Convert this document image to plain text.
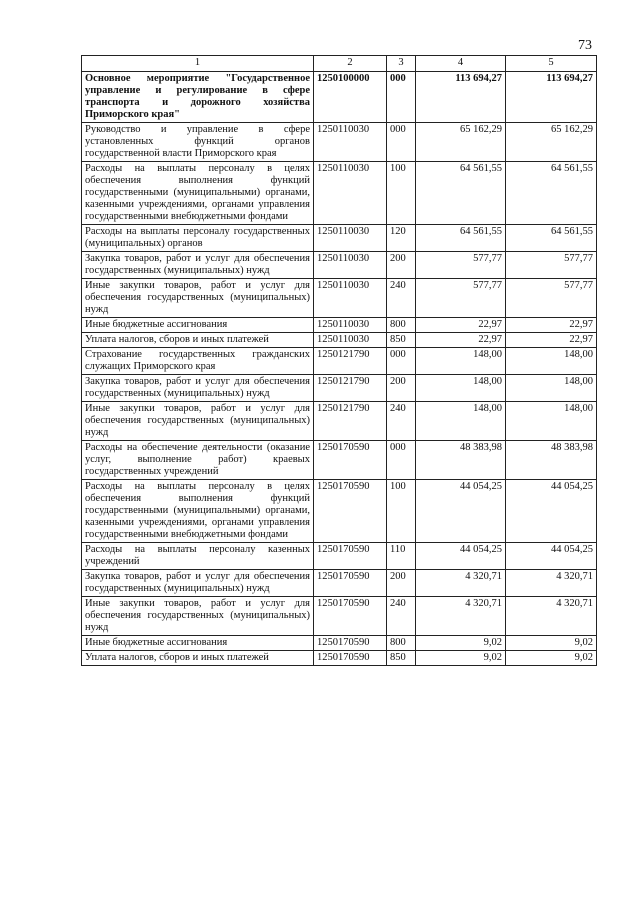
73
1	2	3	4	5
Основное мероприятие "Государственное управление и регулирование в сфере транспорта и дорожного хозяйства Приморского края"	1250100000	000	113 694,27	113 694,27
Руководство и управление в сфере установленных функций органов государственной власти Приморского края	1250110030	000	65 162,29	65 162,29
Расходы на выплаты персоналу в целях обеспечения выполнения функций государственными (муниципальными) органами, казенными учреждениями, органами управления государственными внебюджетными фондами	1250110030	100	64 561,55	64 561,55
Расходы на выплаты персоналу государственных (муниципальных) органов	1250110030	120	64 561,55	64 561,55
Закупка товаров, работ и услуг для обеспечения государственных (муниципальных) нужд	1250110030	200	577,77	577,77
Иные закупки товаров, работ и услуг для обеспечения государственных (муниципальных) нужд	1250110030	240	577,77	577,77
Иные бюджетные ассигнования	1250110030	800	22,97	22,97
Уплата налогов, сборов и иных платежей	1250110030	850	22,97	22,97
Страхование государственных гражданских служащих Приморского края	1250121790	000	148,00	148,00
Закупка товаров, работ и услуг для обеспечения государственных (муниципальных) нужд	1250121790	200	148,00	148,00
Иные закупки товаров, работ и услуг для обеспечения государственных (муниципальных) нужд	1250121790	240	148,00	148,00
Расходы на обеспечение деятельности (оказание услуг, выполнение работ) краевых государственных учреждений	1250170590	000	48 383,98	48 383,98
Расходы на выплаты персоналу в целях обеспечения выполнения функций государственными (муниципальными) органами, казенными учреждениями, органами управления государственными внебюджетными фондами	1250170590	100	44 054,25	44 054,25
Расходы на выплаты персоналу казенных учреждений	1250170590	110	44 054,25	44 054,25
Закупка товаров, работ и услуг для обеспечения государственных (муниципальных) нужд	1250170590	200	4 320,71	4 320,71
Иные закупки товаров, работ и услуг для обеспечения государственных (муниципальных) нужд	1250170590	240	4 320,71	4 320,71
Иные бюджетные ассигнования	1250170590	800	9,02	9,02
Уплата налогов, сборов и иных платежей	1250170590	850	9,02	9,02
